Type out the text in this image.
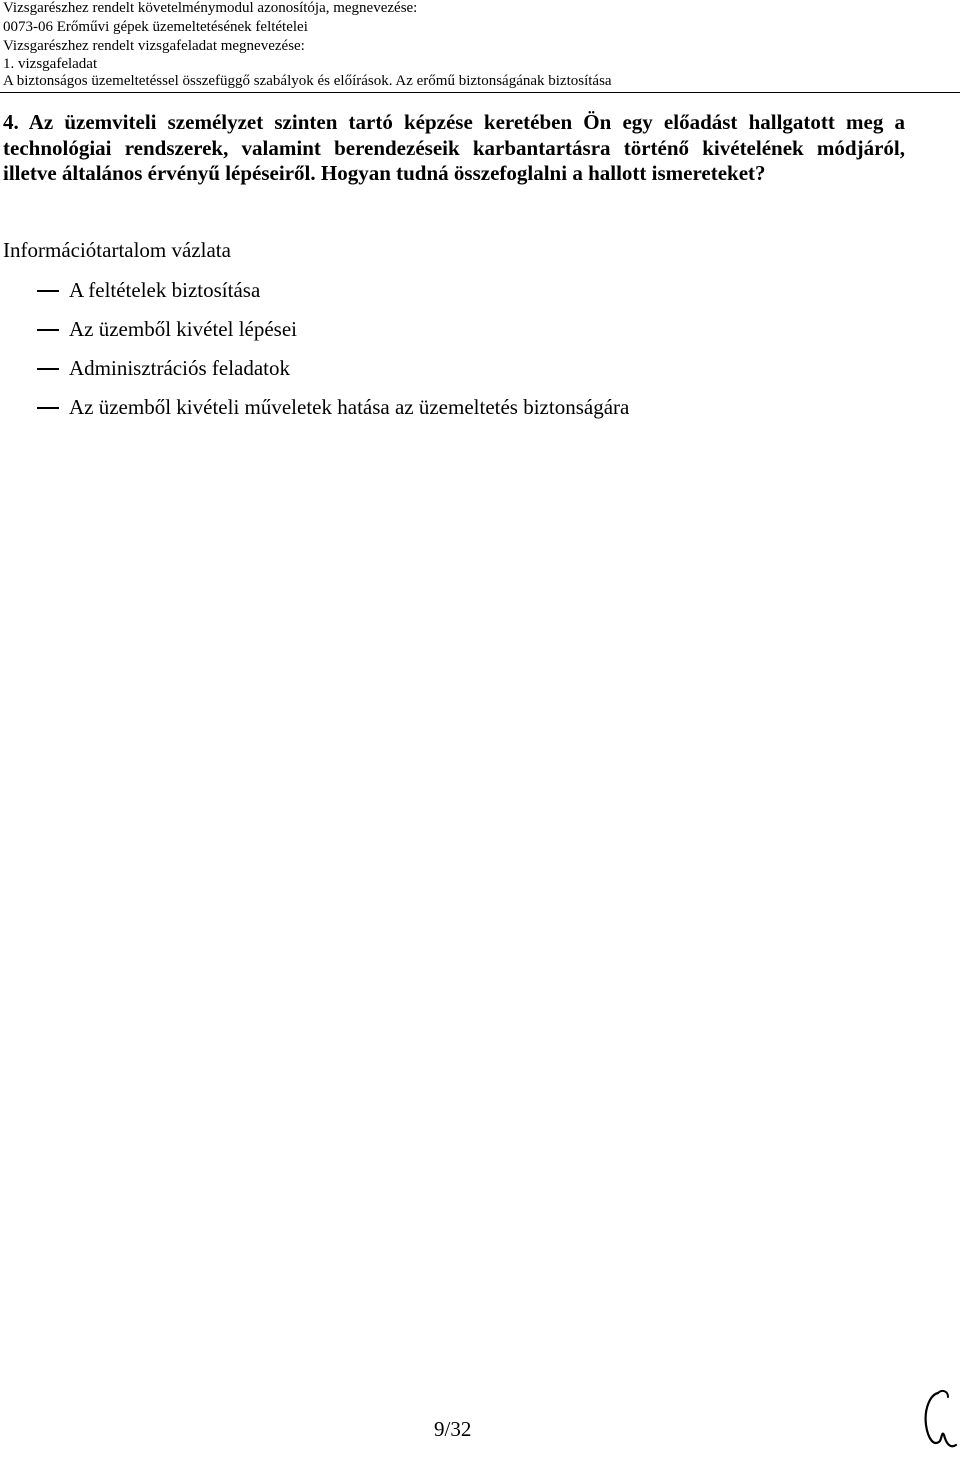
Vizsgarészhez rendelt követelménymodul azonosítója, megnevezése:
0073-06 Erőművi gépek üzemeltetésének feltételei
Vizsgarészhez rendelt vizsgafeladat megnevezése:
1. vizsgafeladat
A biztonságos üzemeltetéssel összefüggő szabályok és előírások. Az erőmű biztonságának biztosítása
4. Az üzemviteli személyzet szinten tartó képzése keretében Ön egy előadást hallgatott meg a technológiai rendszerek, valamint berendezéseik karbantartásra történő kivételének módjáról, illetve általános érvényű lépéseiről. Hogyan tudná összefoglalni a hallott ismereteket?
Információtartalom vázlata
A feltételek biztosítása
Az üzemből kivétel lépései
Adminisztrációs feladatok
Az üzemből kivételi műveletek hatása az üzemeltetés biztonságára
9/32
